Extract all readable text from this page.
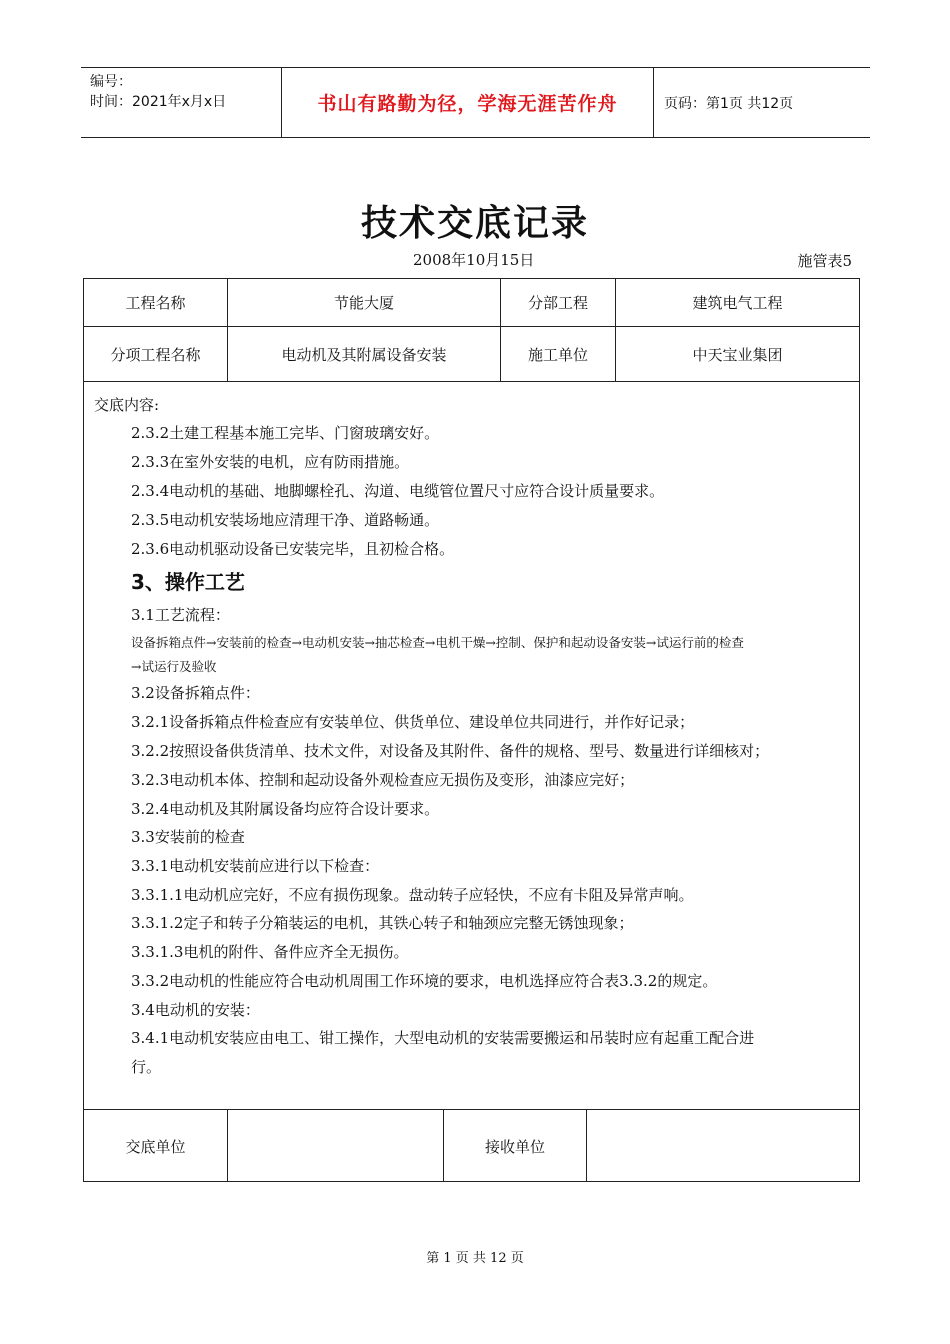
编号：
时间：2021年x月x日	书山有路勤为径，学海无涯苦作舟	页码：第1页 共12页
技术交底记录
2008年10月15日	施管表5
工程名称	节能大厦	分部工程	建筑电气工程
分项工程名称	电动机及其附属设备安装	施工单位	中天宝业集团
交底内容:
2.3.2土建工程基本施工完毕、门窗玻璃安好。
2.3.3在室外安装的电机，应有防雨措施。
2.3.4电动机的基础、地脚螺栓孔、沟道、电缆管位置尺寸应符合设计质量要求。
2.3.5电动机安装场地应清理干净、道路畅通。
2.3.6电动机驱动设备已安装完毕，且初检合格。
3、操作工艺
3.1工艺流程：
设备拆箱点件→安装前的检查→电动机安装→抽芯检查→电机干燥→控制、保护和起动设备安装→试运行前的检查
→试运行及验收
3.2设备拆箱点件：
3.2.1设备拆箱点件检查应有安装单位、供货单位、建设单位共同进行，并作好记录；
3.2.2按照设备供货清单、技术文件，对设备及其附件、备件的规格、型号、数量进行详细核对；
3.2.3电动机本体、控制和起动设备外观检查应无损伤及变形，油漆应完好；
3.2.4电动机及其附属设备均应符合设计要求。
3.3安装前的检查
3.3.1电动机安装前应进行以下检查：
3.3.1.1电动机应完好，不应有损伤现象。盘动转子应轻快，不应有卡阻及异常声响。
3.3.1.2定子和转子分箱装运的电机，其铁心转子和轴颈应完整无锈蚀现象；
3.3.1.3电机的附件、备件应齐全无损伤。
3.3.2电动机的性能应符合电动机周围工作环境的要求，电机选择应符合表3.3.2的规定。
3.4电动机的安装：
3.4.1电动机安装应由电工、钳工操作，大型电动机的安装需要搬运和吊装时应有起重工配合进
行。
交底单位	接收单位
第 1 页 共 12 页
